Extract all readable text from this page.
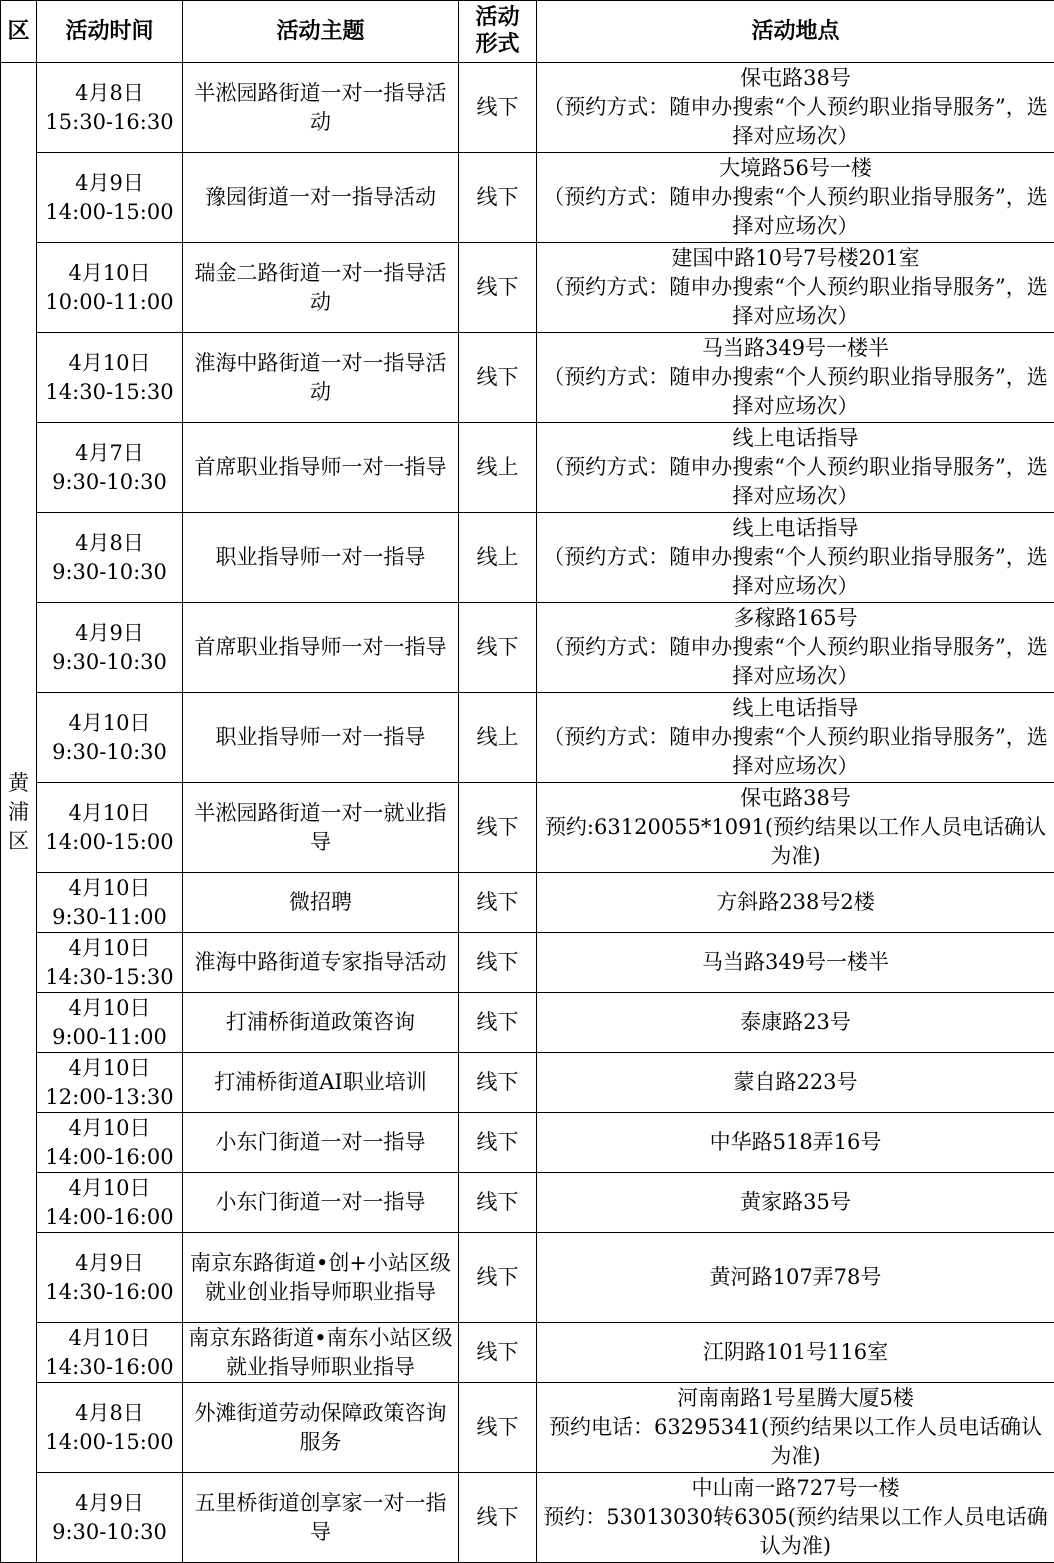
区	活动时间	活动主题	活动形式	活动地点
黄浦区	4月8日
15:30-16:30	半淞园路街道一对一指导活动	线下	保屯路38号
（预约方式：随申办搜索“个人预约职业指导服务”，选择对应场次）

	4月9日
14:00-15:00	豫园街道一对一指导活动	线下	大境路56号一楼
（预约方式：随申办搜索“个人预约职业指导服务”，选择对应场次）

	4月10日
10:00-11:00	瑞金二路街道一对一指导活动	线下	建国中路10号7号楼201室
（预约方式：随申办搜索“个人预约职业指导服务”，选择对应场次）

	4月10日
14:30-15:30	淮海中路街道一对一指导活动	线下	马当路349号一楼半
（预约方式：随申办搜索“个人预约职业指导服务”，选择对应场次）

	4月7日
9:30-10:30	首席职业指导师一对一指导	线上	线上电话指导
（预约方式：随申办搜索“个人预约职业指导服务”，选择对应场次）

	4月8日
9:30-10:30	职业指导师一对一指导	线上	线上电话指导
（预约方式：随申办搜索“个人预约职业指导服务”，选择对应场次）

	4月9日
9:30-10:30	首席职业指导师一对一指导	线下	多稼路165号
（预约方式：随申办搜索“个人预约职业指导服务”，选择对应场次）

	4月10日
9:30-10:30	职业指导师一对一指导	线上	线上电话指导
（预约方式：随申办搜索“个人预约职业指导服务”，选择对应场次）

	4月10日
14:00-15:00	半淞园路街道一对一就业指导	线下	保屯路38号
预约:63120055*1091(预约结果以工作人员电话确认为准)

	4月10日
9:30-11:00	微招聘	线下	方斜路238号2楼

	4月10日
14:30-15:30	淮海中路街道专家指导活动	线下	马当路349号一楼半

	4月10日
9:00-11:00	打浦桥街道政策咨询	线下	泰康路23号

	4月10日
12:00-13:30	打浦桥街道AI职业培训	线下	蒙自路223号

	4月10日
14:00-16:00	小东门街道一对一指导	线下	中华路518弄16号

	4月10日
14:00-16:00	小东门街道一对一指导	线下	黄家路35号

	4月9日
14:30-16:00	南京东路街道•创+小站区级就业创业指导师职业指导	线下	黄河路107弄78号

	4月10日
14:30-16:00	南京东路街道•南东小站区级就业指导师职业指导	线下	江阴路101号116室

	4月8日
14:00-15:00	外滩街道劳动保障政策咨询服务	线下	河南南路1号星腾大厦5楼
预约电话：63295341(预约结果以工作人员电话确认为准)

	4月9日
9:30-10:30	五里桥街道创享家一对一指导	线下	中山南一路727号一楼
预约：53013030转6305(预约结果以工作人员电话确认为准)
